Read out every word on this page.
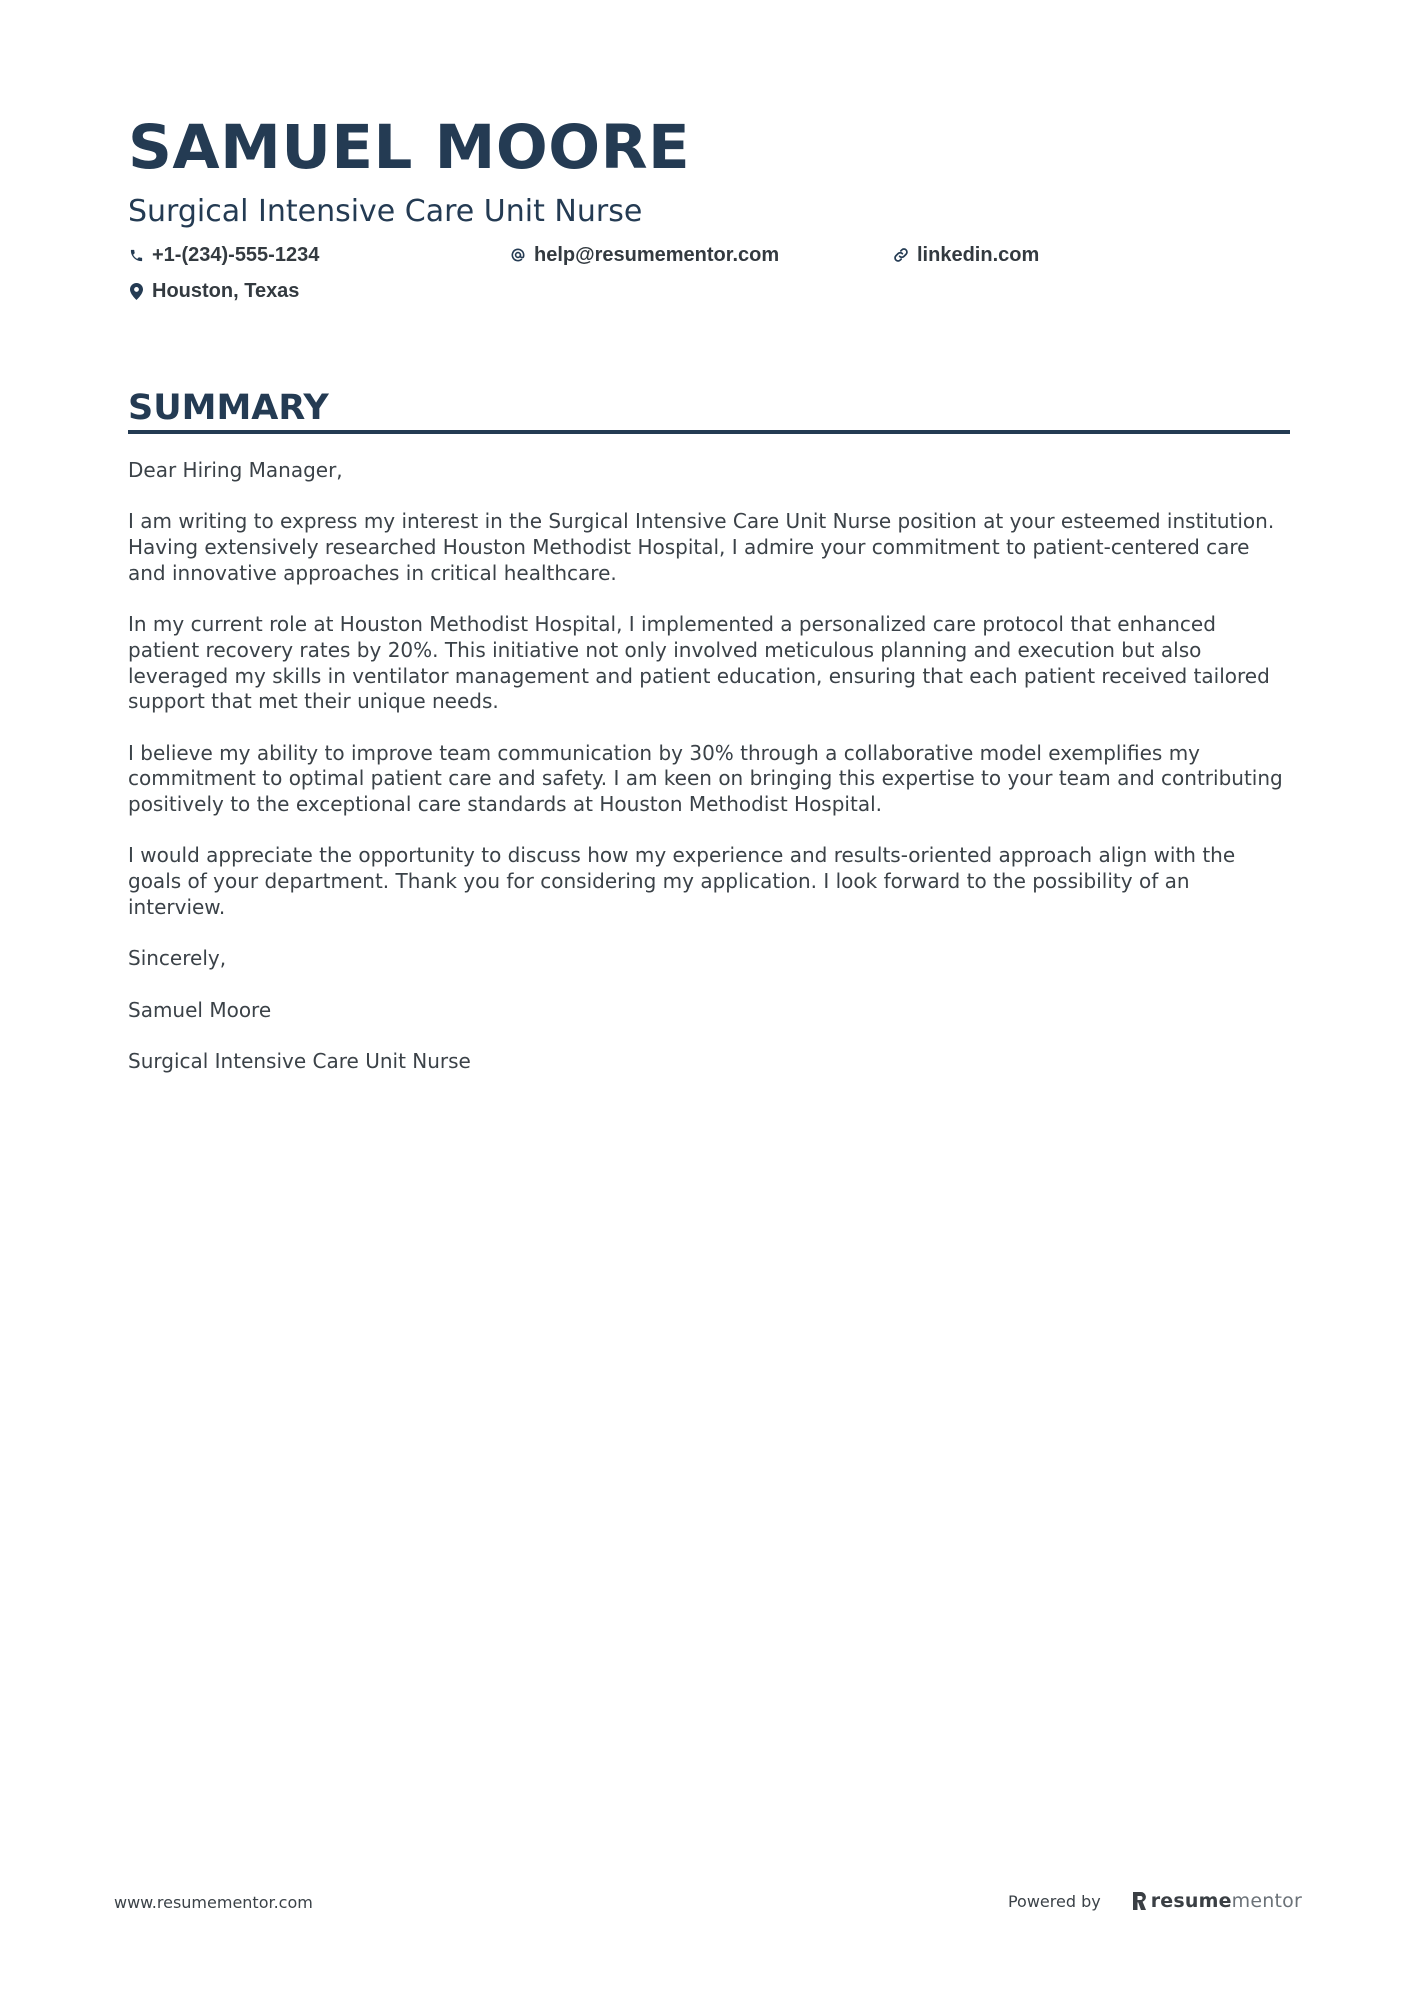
SAMUEL MOORE
Surgical Intensive Care Unit Nurse
+1-(234)-555-1234	help@resumementor.com	linkedin.com
Houston, Texas
SUMMARY

Dear Hiring Manager,

I am writing to express my interest in the Surgical Intensive Care Unit Nurse position at your esteemed institution. Having extensively researched Houston Methodist Hospital, I admire your commitment to patient-centered care and innovative approaches in critical healthcare.

In my current role at Houston Methodist Hospital, I implemented a personalized care protocol that enhanced patient recovery rates by 20%. This initiative not only involved meticulous planning and execution but also leveraged my skills in ventilator management and patient education, ensuring that each patient received tailored support that met their unique needs.

I believe my ability to improve team communication by 30% through a collaborative model exemplifies my commitment to optimal patient care and safety. I am keen on bringing this expertise to your team and contributing positively to the exceptional care standards at Houston Methodist Hospital.

I would appreciate the opportunity to discuss how my experience and results-oriented approach align with the goals of your department. Thank you for considering my application. I look forward to the possibility of an interview.

Sincerely,

Samuel Moore

Surgical Intensive Care Unit Nurse

www.resumementor.com	Powered by	resume mentor
